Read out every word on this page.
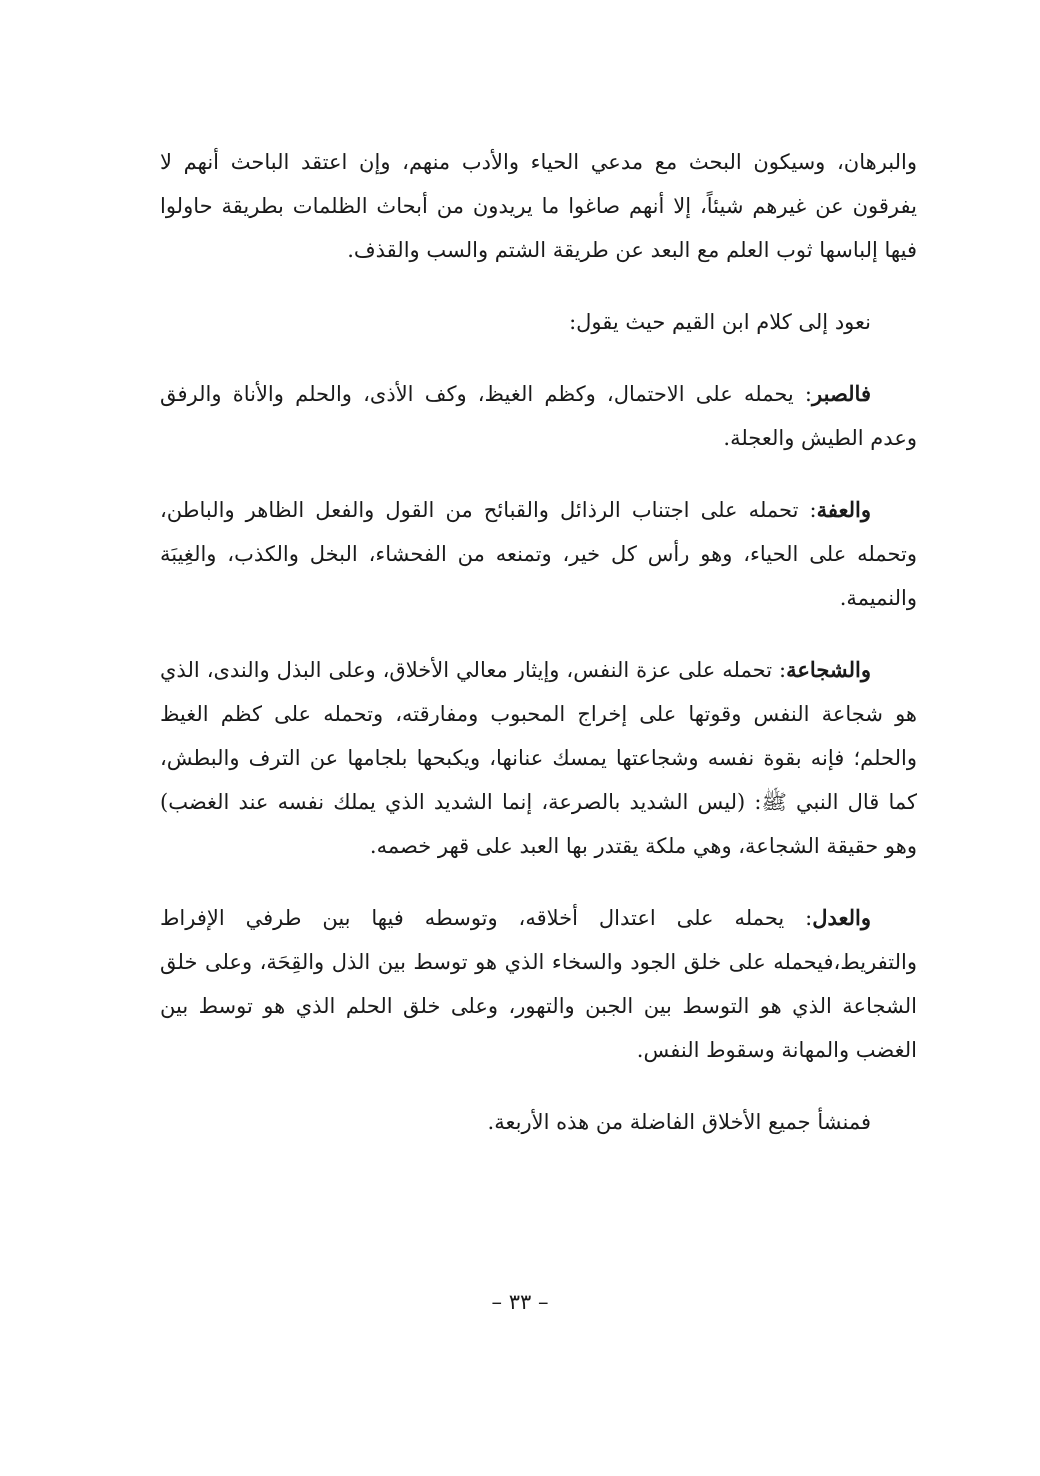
والبرهان، وسيكون البحث مع مدعي الحياء والأدب منهم، وإن اعتقد الباحث أنهم لا يفرقون عن غيرهم شيئاً، إلا أنهم صاغوا ما يريدون من أبحاث الظلمات بطريقة حاولوا فيها إلباسها ثوب العلم مع البعد عن طريقة الشتم والسب والقذف.

نعود إلى كلام ابن القيم حيث يقول:

فالصبر: يحمله على الاحتمال، وكظم الغيظ، وكف الأذى، والحلم والأناة والرفق وعدم الطيش والعجلة.

والعفة: تحمله على اجتناب الرذائل والقبائح من القول والفعل الظاهر والباطن، وتحمله على الحياء، وهو رأس كل خير، وتمنعه من الفحشاء، البخل والكذب، والغِيبَة والنميمة.

والشجاعة: تحمله على عزة النفس، وإيثار معالي الأخلاق، وعلى البذل والندى، الذي هو شجاعة النفس وقوتها على إخراج المحبوب ومفارقته، وتحمله على كظم الغيظ والحلم؛ فإنه بقوة نفسه وشجاعتها يمسك عنانها، ويكبحها بلجامها عن الترف والبطش، كما قال النبي ﷺ: (ليس الشديد بالصرعة، إنما الشديد الذي يملك نفسه عند الغضب) وهو حقيقة الشجاعة، وهي ملكة يقتدر بها العبد على قهر خصمه.

والعدل: يحمله على اعتدال أخلاقه، وتوسطه فيها بين طرفي الإفراط والتفريط،فيحمله على خلق الجود والسخاء الذي هو توسط بين الذل والقِحَة، وعلى خلق الشجاعة الذي هو التوسط بين الجبن والتهور، وعلى خلق الحلم الذي هو توسط بين الغضب والمهانة وسقوط النفس.

فمنشأ جميع الأخلاق الفاضلة من هذه الأربعة.

– ٣٣ –
